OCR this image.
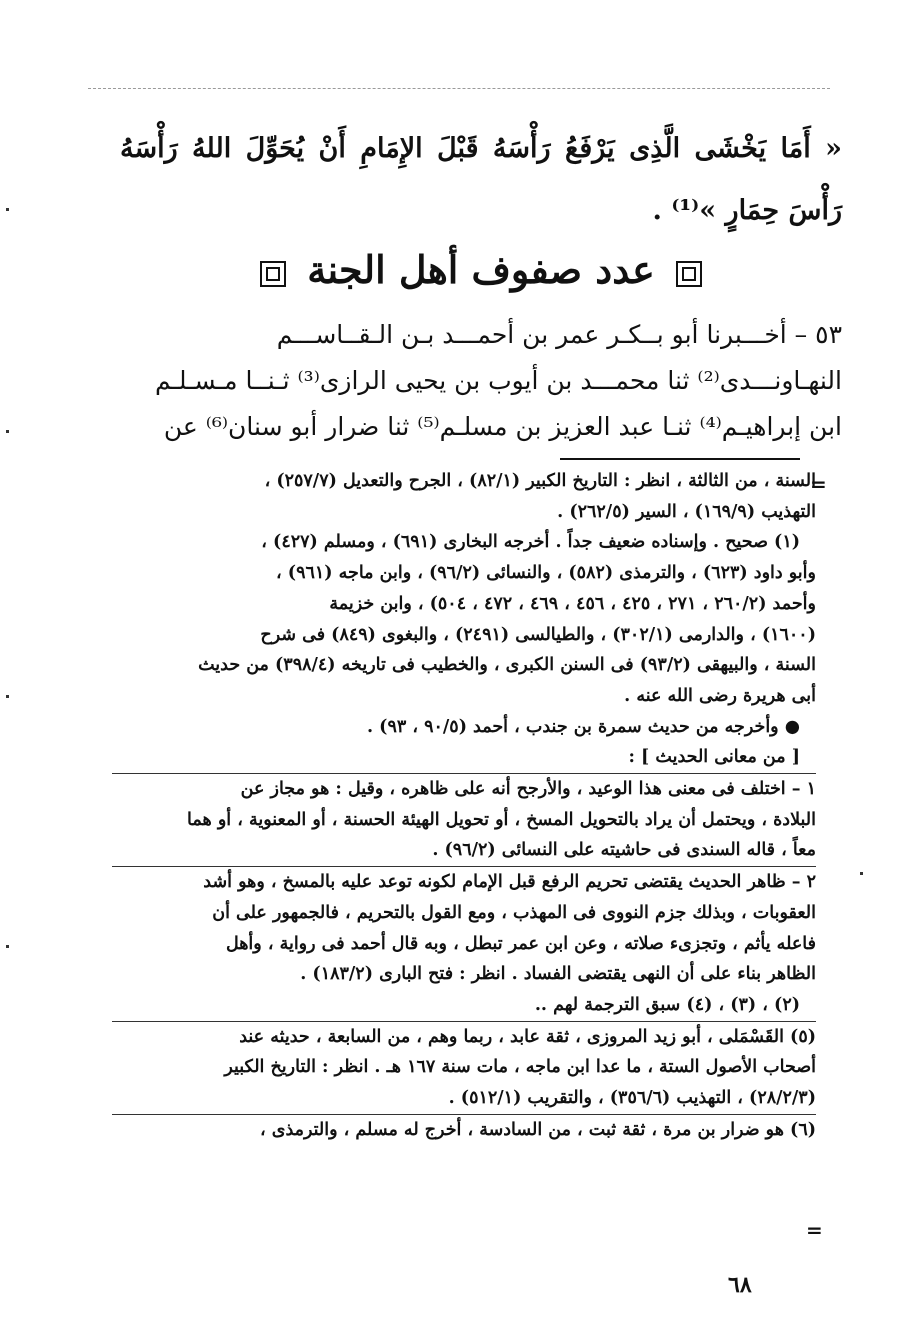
« أَمَا يَخْشَى الَّذِى يَرْفَعُ رَأْسَهُ قَبْلَ الإِمَامِ أَنْ يُحَوِّلَ اللهُ رَأْسَهُ رَأْسَ حِمَارٍ »⁽¹⁾ .
عدد صفوف أهل الجنة
٥٣ – أخـــبرنا أبو بــكـر عمر بن أحمـــد بـن الـقــاســـم
النهـاونـــدى⁽²⁾ ثنا محمـــد بن أيوب بن يحيى الرازى⁽³⁾ ثـنــا مـسـلـم
ابن إبراهيـم⁽⁴⁾ ثنـا عبد العزيز بن مسلـم⁽⁵⁾ ثنا ضرار أبو سنان⁽⁶⁾ عن
=
السنة ، من الثالثة ، انظر : التاريخ الكبير (٨٢/١) ، الجرح والتعديل (٢٥٧/٧) ،
التهذيب (١٦٩/٩) ، السير (٢٦٢/٥) .
(١) صحيح . وإسناده ضعيف جداً . أخرجه البخارى (٦٩١) ، ومسلم (٤٢٧) ،
وأبو داود (٦٢٣) ، والترمذى (٥٨٢) ، والنسائى (٩٦/٢) ، وابن ماجه (٩٦١) ،
وأحمد (٢٦٠/٢ ، ٢٧١ ، ٤٢٥ ، ٤٥٦ ، ٤٦٩ ، ٤٧٢ ، ٥٠٤) ، وابن خزيمة
(١٦٠٠) ، والدارمى (٣٠٢/١) ، والطيالسى (٢٤٩١) ، والبغوى (٨٤٩) فى شرح
السنة ، والبيهقى (٩٣/٢) فى السنن الكبرى ، والخطيب فى تاريخه (٣٩٨/٤) من حديث
أبى هريرة رضى الله عنه .
● وأخرجه من حديث سمرة بن جندب ، أحمد (٩٠/٥ ، ٩٣) .
[ من معانى الحديث ] :
١ – اختلف فى معنى هذا الوعيد ، والأرجح أنه على ظاهره ، وقيل : هو مجاز عن
البلادة ، ويحتمل أن يراد بالتحويل المسخ ، أو تحويل الهيئة الحسنة ، أو المعنوية ، أو هما
معاً ، قاله السندى فى حاشيته على النسائى (٩٦/٢) .
٢ – ظاهر الحديث يقتضى تحريم الرفع قبل الإمام لكونه توعد عليه بالمسخ ، وهو أشد
العقوبات ، وبذلك جزم النووى فى المهذب ، ومع القول بالتحريم ، فالجمهور على أن
فاعله يأثم ، وتجزىء صلاته ، وعن ابن عمر تبطل ، وبه قال أحمد فى رواية ، وأهل
الظاهر بناء على أن النهى يقتضى الفساد . انظر : فتح البارى (١٨٣/٢) .
(٢) ، (٣) ، (٤) سبق الترجمة لهم ..
(٥) القَسْمَلى ، أبو زيد المروزى ، ثقة عابد ، ربما وهم ، من السابعة ، حديثه عند
أصحاب الأصول الستة ، ما عدا ابن ماجه ، مات سنة ١٦٧ هـ . انظر : التاريخ الكبير
(٢٨/٢/٣) ، التهذيب (٣٥٦/٦) ، والتقريب (٥١٢/١) .
(٦) هو ضرار بن مرة ، ثقة ثبت ، من السادسة ، أخرج له مسلم ، والترمذى ،
=
٦٨
